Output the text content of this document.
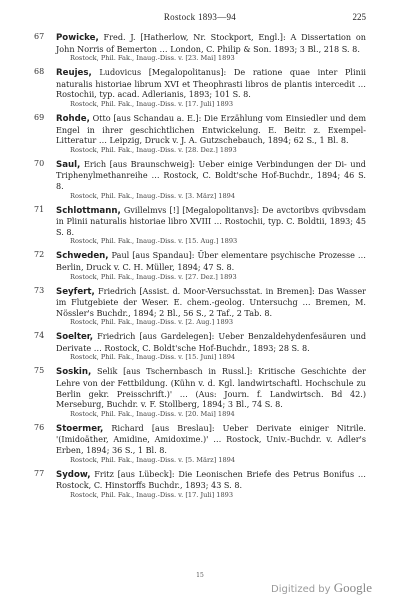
Rostock 1893—94	225
67	Powicke, Fred. J. [Hatherlow, Nr. Stockport, Engl.]: A Dissertation on John Norris of Bemerton … London, C. Philip & Son. 1893; 3 Bl., 218 S. 8.
Rostock, Phil. Fak., Inaug.-Diss. v. [23. Mai] 1893
68	Reujes, Ludovicus [Megalopolitanus]: De ratione quae inter Plinii naturalis historiae librum XVI et Theophrasti libros de plantis intercedit … Rostochii, typ. acad. Adlerianis, 1893; 101 S. 8.
Rostock, Phil. Fak., Inaug.-Diss. v. [17. Juli] 1893
69	Rohde, Otto [aus Schandau a. E.]: Die Erzählung vom Einsiedler und dem Engel in ihrer geschichtlichen Entwickelung. E. Beitr. z. Exempel-Litteratur … Leipzig, Druck v. J. A. Gutzschebauch, 1894; 62 S., 1 Bl. 8.
Rostock, Phil. Fak., Inaug.-Diss. v. [28. Dez.] 1893
70	Saul, Erich [aus Braunschweig]: Ueber einige Verbindungen der Di- und Triphenylmethanreihe … Rostock, C. Boldt'sche Hof-Buchdr., 1894; 46 S. 8.
Rostock, Phil. Fak., Inaug.-Diss. v. [3. März] 1894
71	Schlottmann, Gvillelmvs [!] [Megalopolitanvs]: De avctoribvs qvibvsdam in Plinii naturalis historiae libro XVIII … Rostochii, typ. C. Boldtii, 1893; 45 S. 8.
Rostock, Phil. Fak., Inaug.-Diss. v. [15. Aug.] 1893
72	Schweden, Paul [aus Spandau]: Über elementare psychische Prozesse … Berlin, Druck v. C. H. Müller, 1894; 47 S. 8.
Rostock, Phil. Fak., Inaug.-Diss. v. [27. Dez.] 1893
73	Seyfert, Friedrich [Assist. d. Moor-Versuchsstat. in Bremen]: Das Wasser im Flutgebiete der Weser. E. chem.-geolog. Untersuchg … Bremen, M. Nössler's Buchdr., 1894; 2 Bl., 56 S., 2 Taf., 2 Tab. 8.
Rostock, Phil. Fak., Inaug.-Diss. v. [2. Aug.] 1893
74	Soelter, Friedrich [aus Gardelegen]: Ueber Benzaldehydenfesäuren und Derivate … Rostock, C. Boldt'sche Hof-Buchdr., 1893; 28 S. 8.
Rostock, Phil. Fak., Inaug.-Diss. v. [15. Juni] 1894
75	Soskin, Selik [aus Tschernbasch in Russl.]: Kritische Geschichte der Lehre von der Fettbildung. (Kühn v. d. Kgl. landwirtschaftl. Hochschule zu Berlin gekr. Preisschrift.)' … (Aus: Journ. f. Landwirtsch. Bd 42.) Merseburg, Buchdr. v. F. Stollberg, 1894; 3 Bl., 74 S. 8.
Rostock, Phil. Fak., Inaug.-Diss. v. [20. Mai] 1894
76	Stoermer, Richard [aus Breslau]: Ueber Derivate einiger Nitrile. '(Imidoäther, Amidine, Amidoxime.)' … Rostock, Univ.-Buchdr. v. Adler's Erben, 1894; 36 S., 1 Bl. 8.
Rostock, Phil. Fak., Inaug.-Diss. v. [5. März] 1894
77	Sydow, Fritz [aus Lübeck]: Die Leonischen Briefe des Petrus Bonifus … Rostock, C. Hinstorffs Buchdr., 1893; 43 S. 8.
Rostock, Phil. Fak., Inaug.-Diss. v. [17. Juli] 1893
15
Digitized by Google
